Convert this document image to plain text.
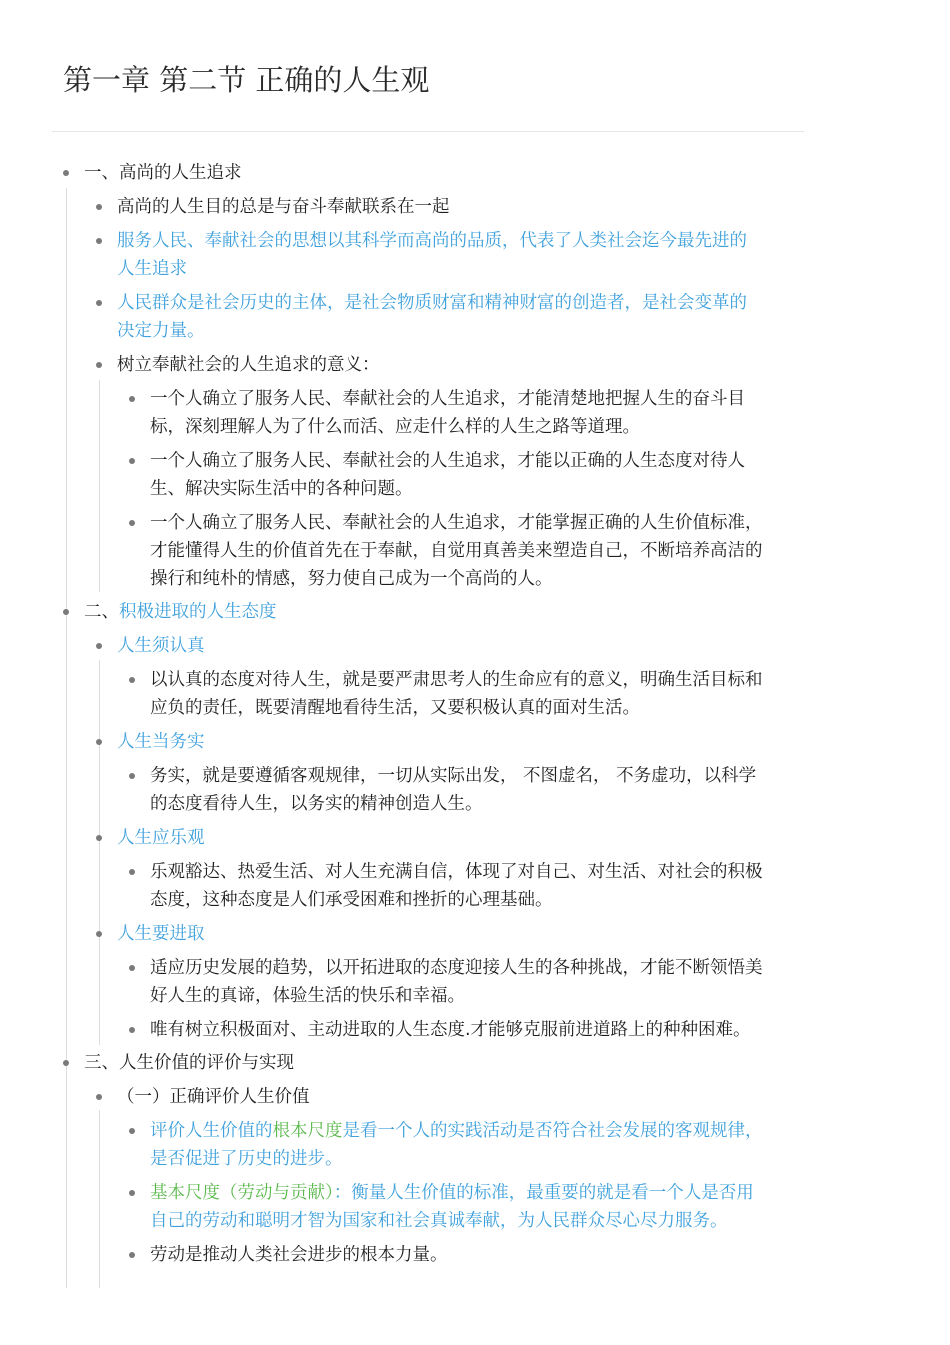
第一章 第二节 正确的人生观
一、高尚的人生追求
高尚的人生目的总是与奋斗奉献联系在一起
服务人民、奉献社会的思想以其科学而高尚的品质，代表了人类社会迄今最先进的
人生追求
人民群众是社会历史的主体，是社会物质财富和精神财富的创造者，是社会变革的
决定力量。
树立奉献社会的人生追求的意义：
一个人确立了服务人民、奉献社会的人生追求，才能清楚地把握人生的奋斗目
标，深刻理解人为了什么而活、应走什么样的人生之路等道理。
一个人确立了服务人民、奉献社会的人生追求，才能以正确的人生态度对待人
生、解决实际生活中的各种问题。
一个人确立了服务人民、奉献社会的人生追求，才能掌握正确的人生价值标准，
才能懂得人生的价值首先在于奉献，自觉用真善美来塑造自己，不断培养高洁的
操行和纯朴的情感，努力使自己成为一个高尚的人。
二、积极进取的人生态度
人生须认真
以认真的态度对待人生，就是要严肃思考人的生命应有的意义，明确生活目标和
应负的责任，既要清醒地看待生活，又要积极认真的面对生活。
人生当务实
务实，就是要遵循客观规律，一切从实际出发， 不图虚名， 不务虚功，以科学
的态度看待人生，以务实的精神创造人生。
人生应乐观
乐观豁达、热爱生活、对人生充满自信，体现了对自己、对生活、对社会的积极
态度，这种态度是人们承受困难和挫折的心理基础。
人生要进取
适应历史发展的趋势，以开拓进取的态度迎接人生的各种挑战，才能不断领悟美
好人生的真谛，体验生活的快乐和幸福。
唯有树立积极面对、主动进取的人生态度.才能够克服前进道路上的种种困难。
三、人生价值的评价与实现
（一）正确评价人生价值
评价人生价值的根本尺度是看一个人的实践活动是否符合社会发展的客观规律，
是否促进了历史的进步。
基本尺度（劳动与贡献）：衡量人生价值的标准，最重要的就是看一个人是否用
自己的劳动和聪明才智为国家和社会真诚奉献，为人民群众尽心尽力服务。
劳动是推动人类社会进步的根本力量。
